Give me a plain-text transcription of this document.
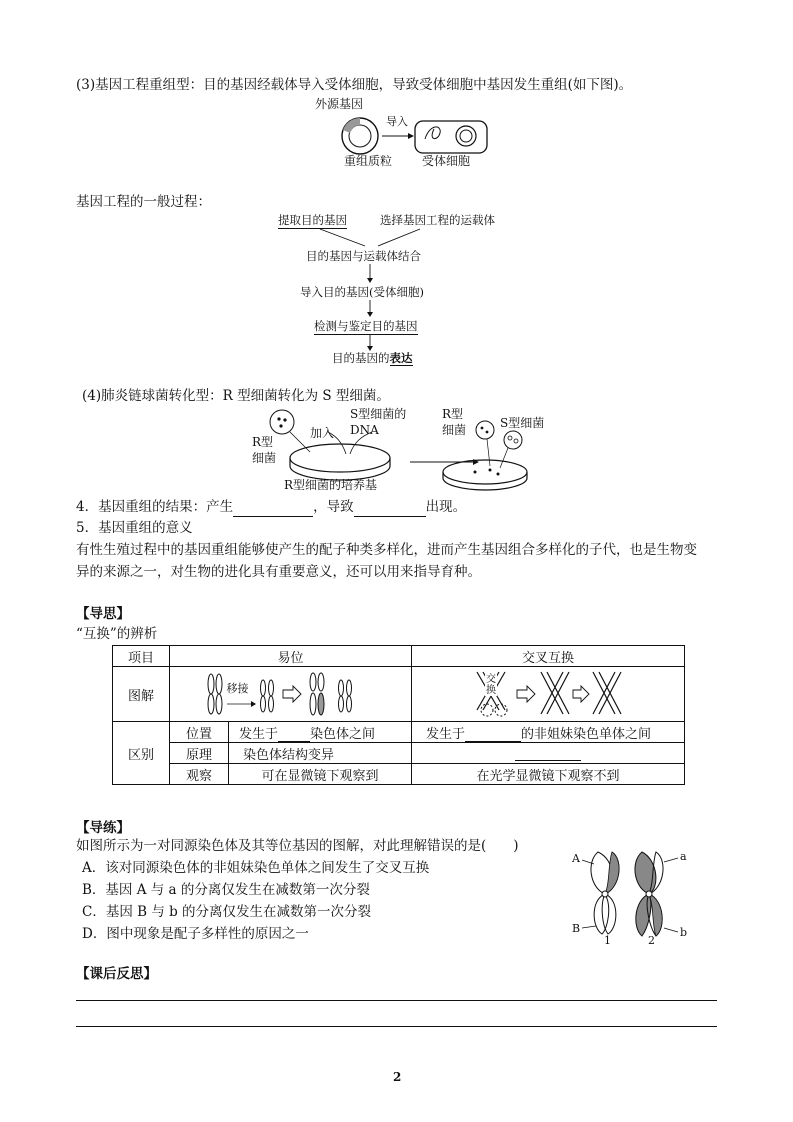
(3)基因工程重组型：目的基因经载体导入受体细胞，导致受体细胞中基因发生重组(如下图)。
外源基因
导入
重组质粒 受体细胞
基因工程的一般过程：
提取目的基因	选择基因工程的运载体
目的基因与运载体结合
导入目的基因(受体细胞)
检测与鉴定目的基因
目的基因的表达
(4)肺炎链球菌转化型：R 型细菌转化为 S 型细菌。
R型
细菌
加入
S型细菌的
DNA
R型细菌的培养基
R型
细菌	S型细菌
4．基因重组的结果：产生	，导致	出现。
5．基因重组的意义
有性生殖过程中的基因重组能够使产生的配子种类多样化，进而产生基因组合多样化的子代，也是生物变
异的来源之一，对生物的进化具有重要意义，还可以用来指导育种。
【导思】
“互换”的辨析
项目	易位		交叉互换
图解	移接		交换

区别	位置	发生于 染色体之间	发生于 的非姐妹染色单体之间
	原理	染色体结构变异	
	观察	可在显微镜下观察到	在光学显微镜下观察不到
【导练】
如图所示为一对同源染色体及其等位基因的图解，对此理解错误的是(　　)
A．该对同源染色体的非姐妹染色单体之间发生了交叉互换
B．基因 A 与 a 的分离仅发生在减数第一次分裂
C．基因 B 与 b 的分离仅发生在减数第一次分裂
D．图中现象是配子多样性的原因之一
A	a
B	b
1	2
【课后反思】
2
